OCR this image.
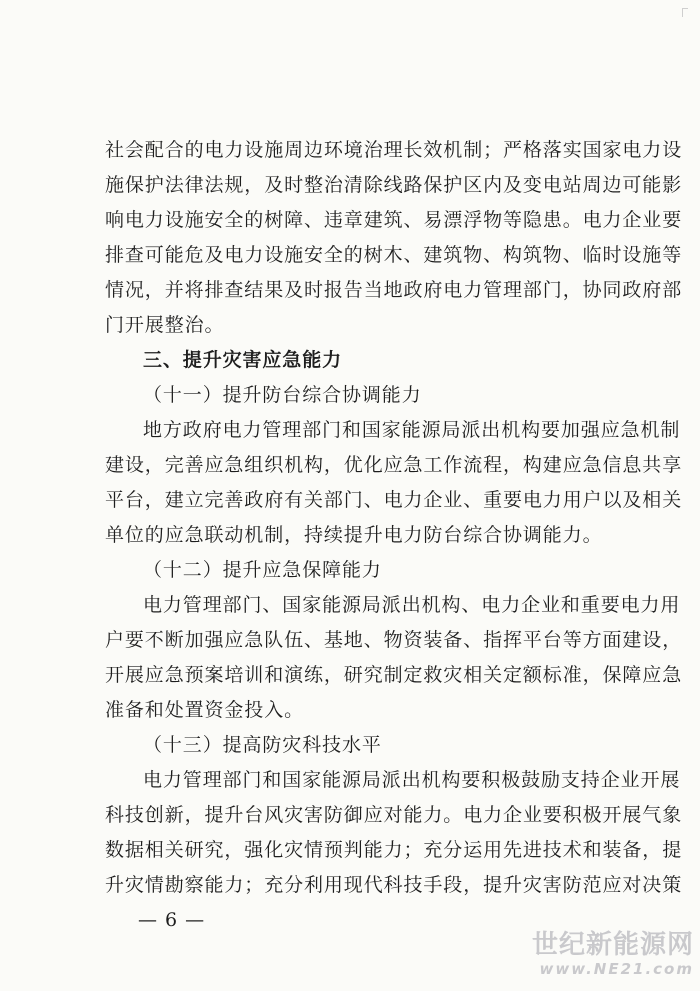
社会配合的电力设施周边环境治理长效机制；严格落实国家电力设
施保护法律法规，及时整治清除线路保护区内及变电站周边可能影
响电力设施安全的树障、违章建筑、易漂浮物等隐患。电力企业要
排查可能危及电力设施安全的树木、建筑物、构筑物、临时设施等
情况，并将排查结果及时报告当地政府电力管理部门，协同政府部
门开展整治。
三、提升灾害应急能力
（十一）提升防台综合协调能力
地方政府电力管理部门和国家能源局派出机构要加强应急机制
建设，完善应急组织机构，优化应急工作流程，构建应急信息共享
平台，建立完善政府有关部门、电力企业、重要电力用户以及相关
单位的应急联动机制，持续提升电力防台综合协调能力。
（十二）提升应急保障能力
电力管理部门、国家能源局派出机构、电力企业和重要电力用
户要不断加强应急队伍、基地、物资装备、指挥平台等方面建设，
开展应急预案培训和演练，研究制定救灾相关定额标准，保障应急
准备和处置资金投入。
（十三）提高防灾科技水平
电力管理部门和国家能源局派出机构要积极鼓励支持企业开展
科技创新，提升台风灾害防御应对能力。电力企业要积极开展气象
数据相关研究，强化灾情预判能力；充分运用先进技术和装备，提
升灾情勘察能力；充分利用现代科技手段，提升灾害防范应对决策
— 6 —
世纪新能源网
www.NE21.com
